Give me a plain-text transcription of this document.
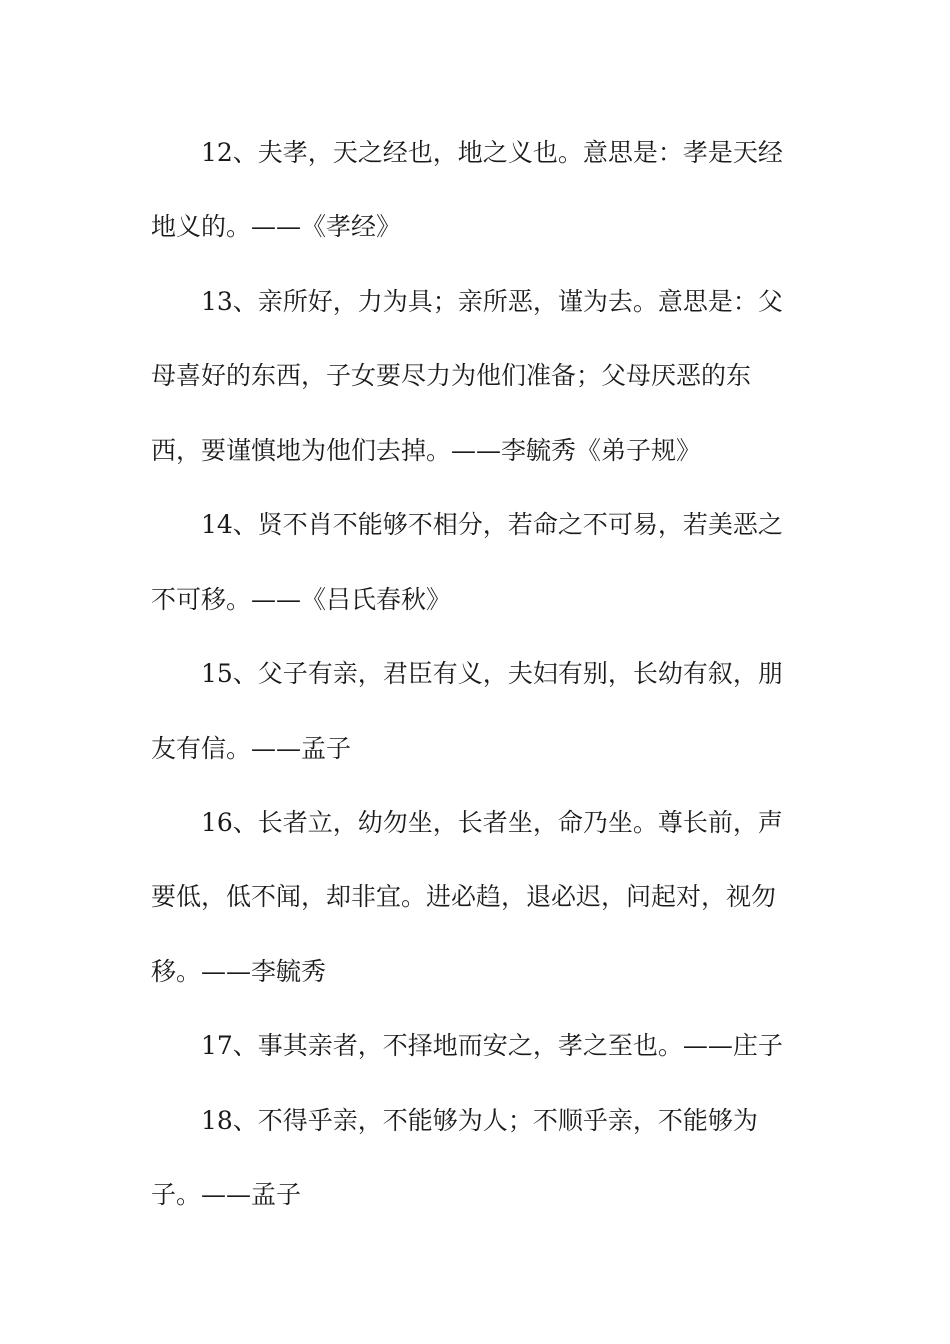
12、夫孝，天之经也，地之义也。意思是：孝是天经
地义的。——《孝经》
13、亲所好，力为具；亲所恶，谨为去。意思是：父
母喜好的东西，子女要尽力为他们准备；父母厌恶的东
西，要谨慎地为他们去掉。——李毓秀《弟子规》
14、贤不肖不能够不相分，若命之不可易，若美恶之
不可移。——《吕氏春秋》
15、父子有亲，君臣有义，夫妇有别，长幼有叙，朋
友有信。——孟子
16、长者立，幼勿坐，长者坐，命乃坐。尊长前，声
要低，低不闻，却非宜。进必趋，退必迟，问起对，视勿
移。——李毓秀
17、事其亲者，不择地而安之，孝之至也。——庄子
18、不得乎亲，不能够为人；不顺乎亲，不能够为
子。——孟子
